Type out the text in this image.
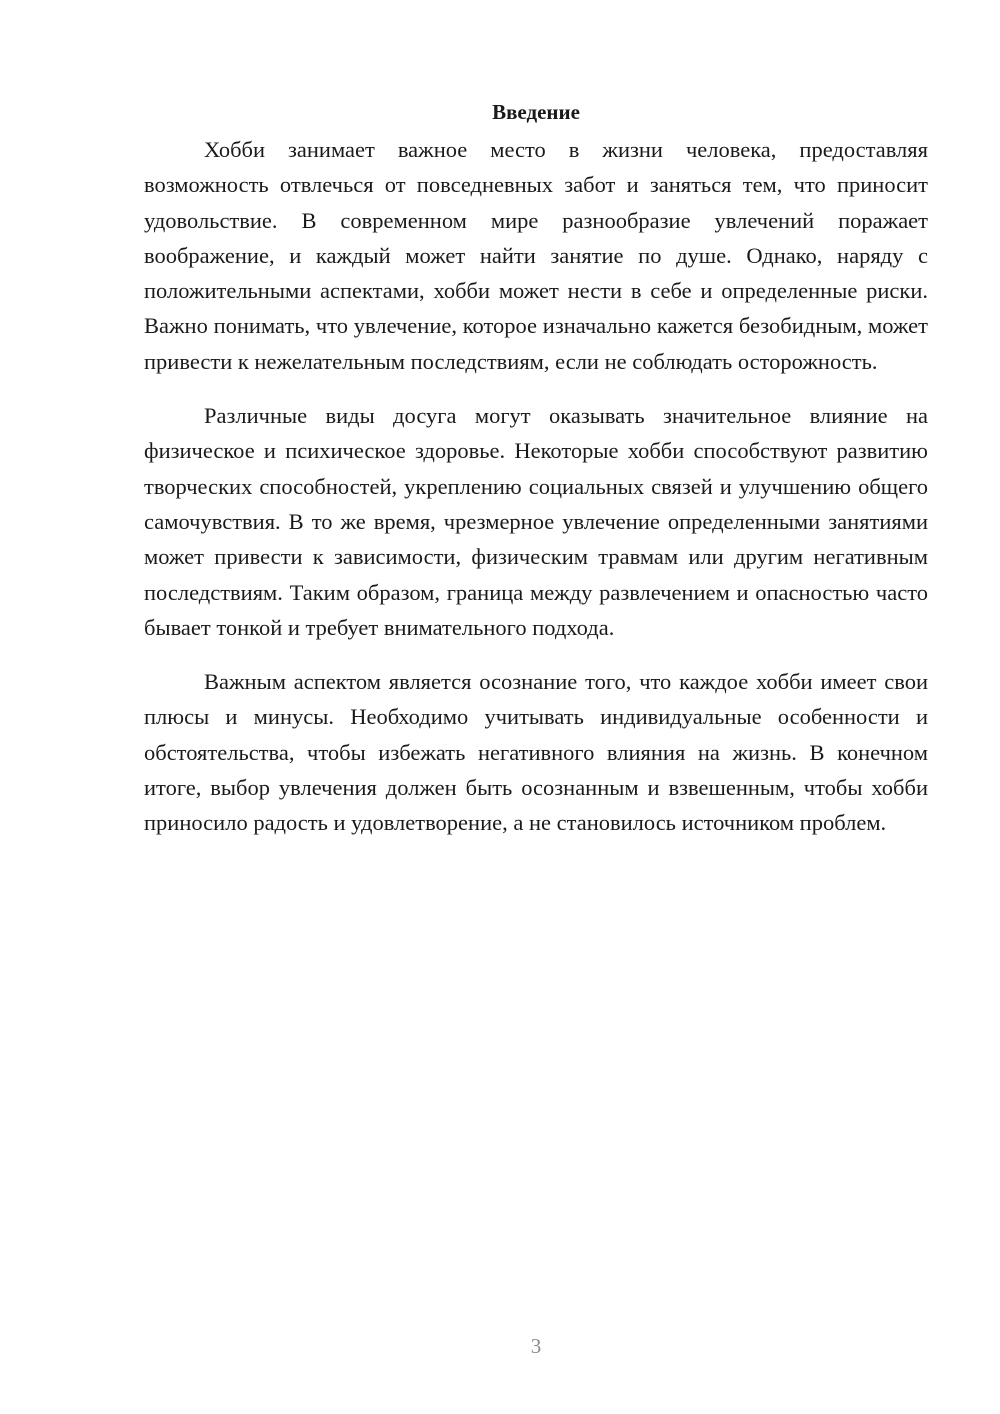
Введение

Хобби занимает важное место в жизни человека, предоставляя возможность отвлечься от повседневных забот и заняться тем, что приносит удовольствие. В современном мире разнообразие увлечений поражает воображение, и каждый может найти занятие по душе. Однако, наряду с положительными аспектами, хобби может нести в себе и определенные риски. Важно понимать, что увлечение, которое изначально кажется безобидным, может привести к нежелательным последствиям, если не соблюдать осторожность.

Различные виды досуга могут оказывать значительное влияние на физическое и психическое здоровье. Некоторые хобби способствуют развитию творческих способностей, укреплению социальных связей и улучшению общего самочувствия. В то же время, чрезмерное увлечение определенными занятиями может привести к зависимости, физическим травмам или другим негативным последствиям. Таким образом, граница между развлечением и опасностью часто бывает тонкой и требует внимательного подхода.

Важным аспектом является осознание того, что каждое хобби имеет свои плюсы и минусы. Необходимо учитывать индивидуальные особенности и обстоятельства, чтобы избежать негативного влияния на жизнь. В конечном итоге, выбор увлечения должен быть осознанным и взвешенным, чтобы хобби приносило радость и удовлетворение, а не становилось источником проблем.

3
